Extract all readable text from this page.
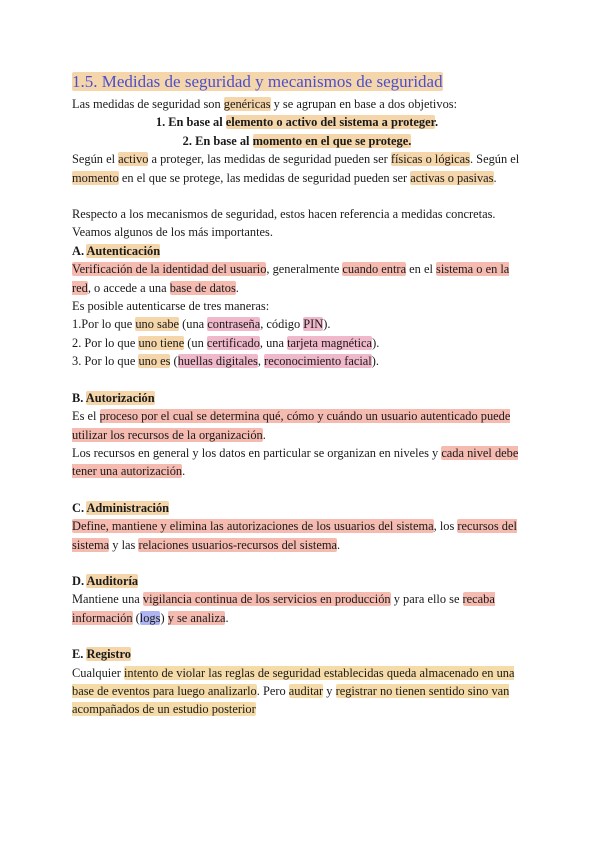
1.5. Medidas de seguridad y mecanismos de seguridad

Las medidas de seguridad son genéricas y se agrupan en base a dos objetivos:

1. En base al elemento o activo del sistema a proteger.

2. En base al momento en el que se protege.

Según el activo a proteger, las medidas de seguridad pueden ser físicas o lógicas. Según el momento en el que se protege, las medidas de seguridad pueden ser activas o pasivas.

Respecto a los mecanismos de seguridad, estos hacen referencia a medidas concretas. Veamos algunos de los más importantes.

A. Autenticación

Verificación de la identidad del usuario, generalmente cuando entra en el sistema o en la red, o accede a una base de datos.

Es posible autenticarse de tres maneras:

1.Por lo que uno sabe (una contraseña, código PIN).

2. Por lo que uno tiene (un certificado, una tarjeta magnética).

3. Por lo que uno es (huellas digitales, reconocimiento facial).

B. Autorización

Es el proceso por el cual se determina qué, cómo y cuándo un usuario autenticado puede utilizar los recursos de la organización.

Los recursos en general y los datos en particular se organizan en niveles y cada nivel debe tener una autorización.

C. Administración

Define, mantiene y elimina las autorizaciones de los usuarios del sistema, los recursos del sistema y las relaciones usuarios-recursos del sistema.

D. Auditoría

Mantiene una vigilancia continua de los servicios en producción y para ello se recaba información (logs) y se analiza.

E. Registro

Cualquier intento de violar las reglas de seguridad establecidas queda almacenado en una base de eventos para luego analizarlo. Pero auditar y registrar no tienen sentido sino van acompañados de un estudio posterior
